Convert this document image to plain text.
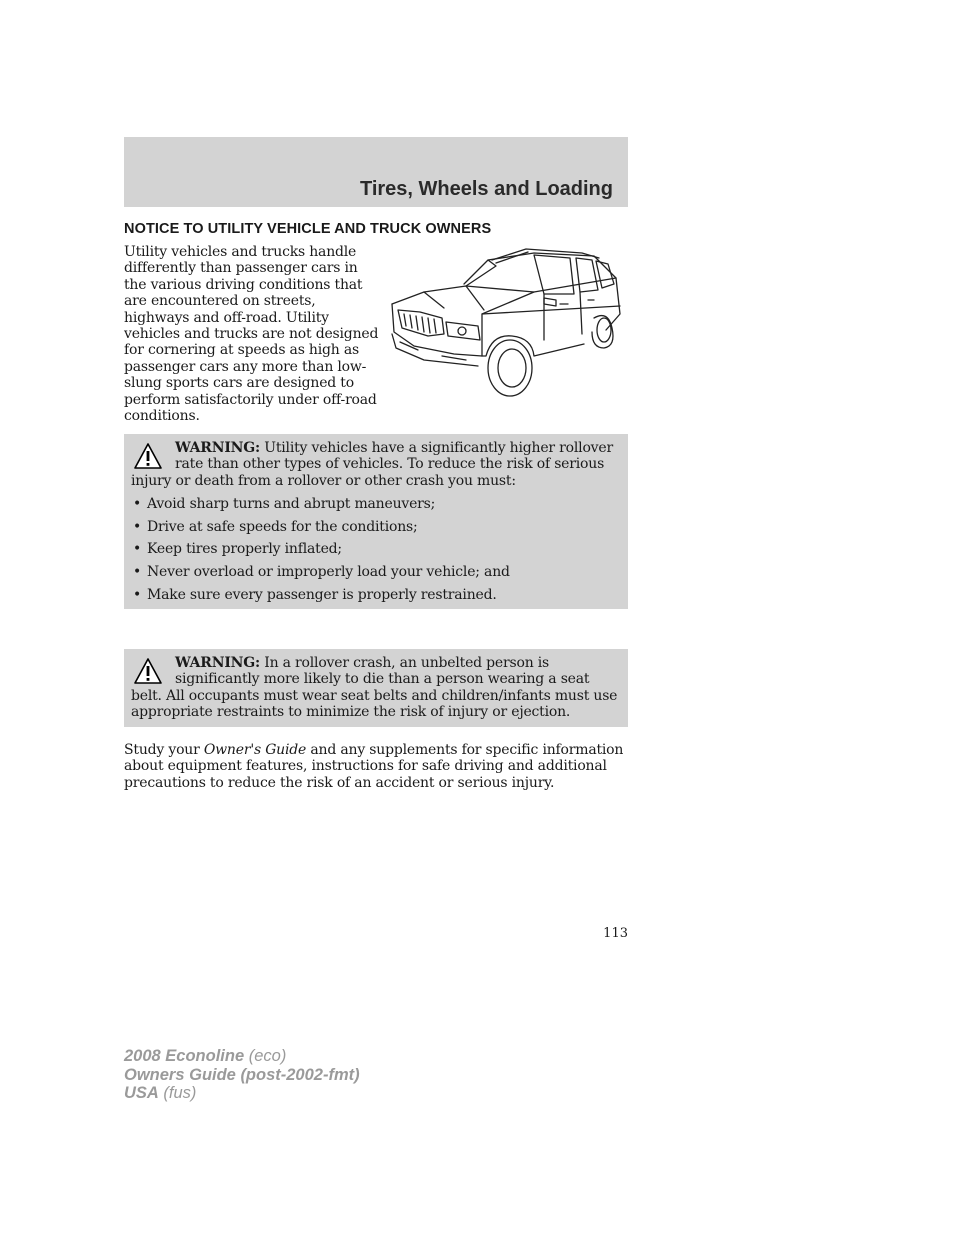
Tires, Wheels and Loading
NOTICE TO UTILITY VEHICLE AND TRUCK OWNERS
Utility vehicles and trucks handle differently than passenger cars in the various driving conditions that are encountered on streets, highways and off-road. Utility vehicles and trucks are not designed for cornering at speeds as high as passenger cars any more than low-slung sports cars are designed to perform satisfactorily under off-road conditions.
WARNING: Utility vehicles have a significantly higher rollover rate than other types of vehicles. To reduce the risk of serious injury or death from a rollover or other crash you must:
• Avoid sharp turns and abrupt maneuvers;
• Drive at safe speeds for the conditions;
• Keep tires properly inflated;
• Never overload or improperly load your vehicle; and
• Make sure every passenger is properly restrained.
WARNING: In a rollover crash, an unbelted person is significantly more likely to die than a person wearing a seat belt. All occupants must wear seat belts and children/infants must use appropriate restraints to minimize the risk of injury or ejection.
Study your Owner's Guide and any supplements for specific information about equipment features, instructions for safe driving and additional precautions to reduce the risk of an accident or serious injury.
113
2008 Econoline (eco)
Owners Guide (post-2002-fmt)
USA (fus)
